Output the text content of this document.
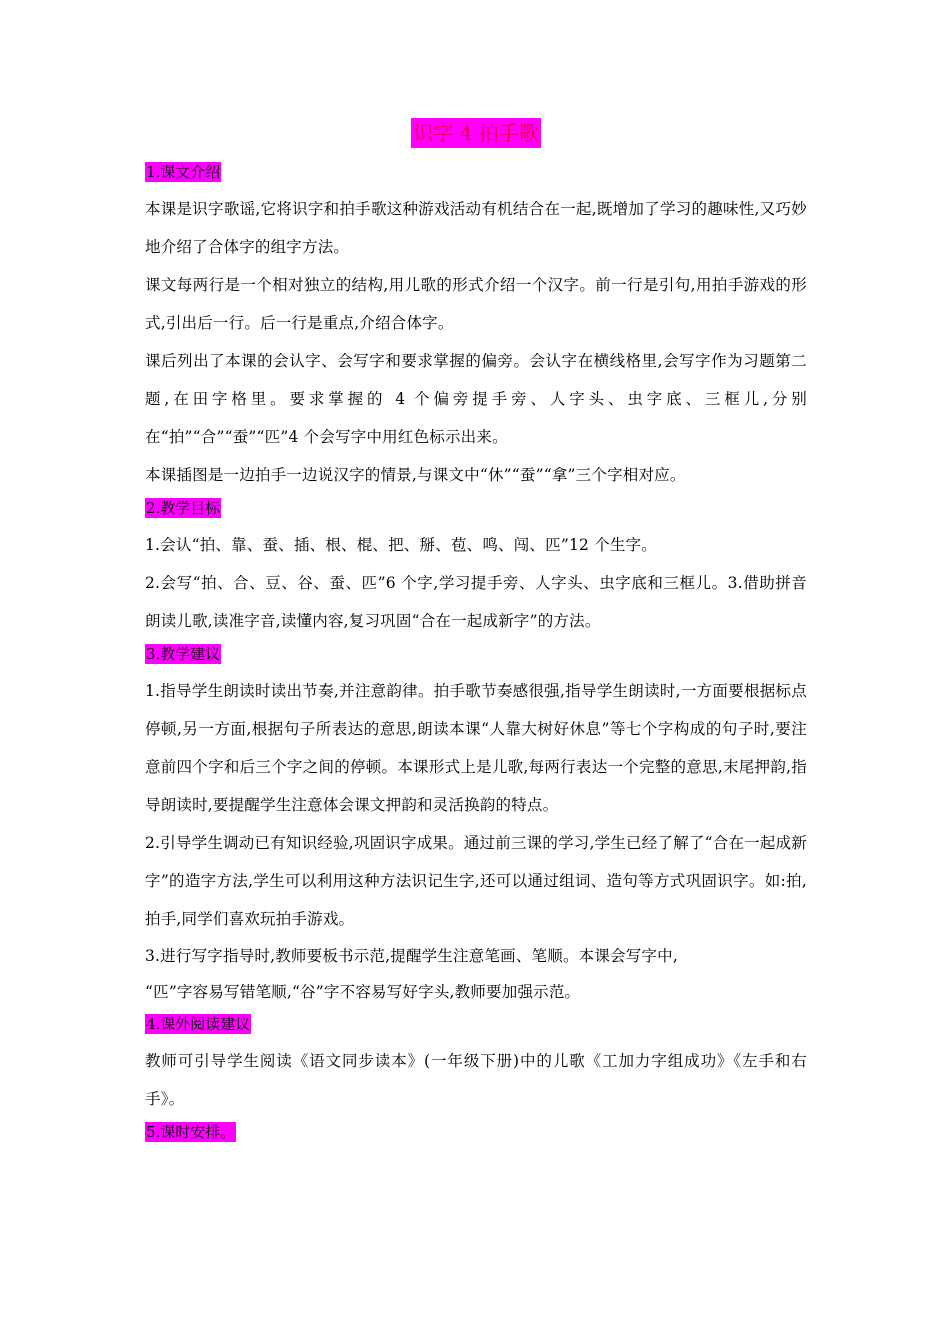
识字 4 拍手歌
1.课文介绍

本课是识字歌谣,它将识字和拍手歌这种游戏活动有机结合在一起,既增加了学习的趣味性,又巧妙地介绍了合体字的组字方法。

课文每两行是一个相对独立的结构,用儿歌的形式介绍一个汉字。前一行是引句,用拍手游戏的形式,引出后一行。后一行是重点,介绍合体字。

课后列出了本课的会认字、会写字和要求掌握的偏旁。会认字在横线格里,会写字作为习题第二题,在田字格里。要求掌握的 4 个偏旁提手旁、人字头、虫字底、三框儿,分别在“拍”“合”“蚕”“匹”4 个会写字中用红色标示出来。

本课插图是一边拍手一边说汉字的情景,与课文中“休”“蚕”“拿”三个字相对应。

2.教学目标

1.会认“拍、靠、蚕、插、根、棍、把、掰、苞、鸣、闯、匹”12 个生字。

2.会写“拍、合、豆、谷、蚕、匹”6 个字,学习提手旁、人字头、虫字底和三框儿。3.借助拼音朗读儿歌,读准字音,读懂内容,复习巩固“合在一起成新字”的方法。

3.教学建议

1.指导学生朗读时读出节奏,并注意韵律。拍手歌节奏感很强,指导学生朗读时,一方面要根据标点停顿,另一方面,根据句子所表达的意思,朗读本课“人靠大树好休息”等七个字构成的句子时,要注意前四个字和后三个字之间的停顿。本课形式上是儿歌,每两行表达一个完整的意思,末尾押韵,指导朗读时,要提醒学生注意体会课文押韵和灵活换韵的特点。

2.引导学生调动已有知识经验,巩固识字成果。通过前三课的学习,学生已经了解了“合在一起成新字”的造字方法,学生可以利用这种方法识记生字,还可以通过组词、造句等方式巩固识字。如:拍,拍手,同学们喜欢玩拍手游戏。

3.进行写字指导时,教师要板书示范,提醒学生注意笔画、笔顺。本课会写字中,

“匹”字容易写错笔顺,“谷”字不容易写好字头,教师要加强示范。

4.课外阅读建议

教师可引导学生阅读《语文同步读本》(一年级下册)中的儿歌《工加力字组成功》《左手和右手》。

5.课时安排。
